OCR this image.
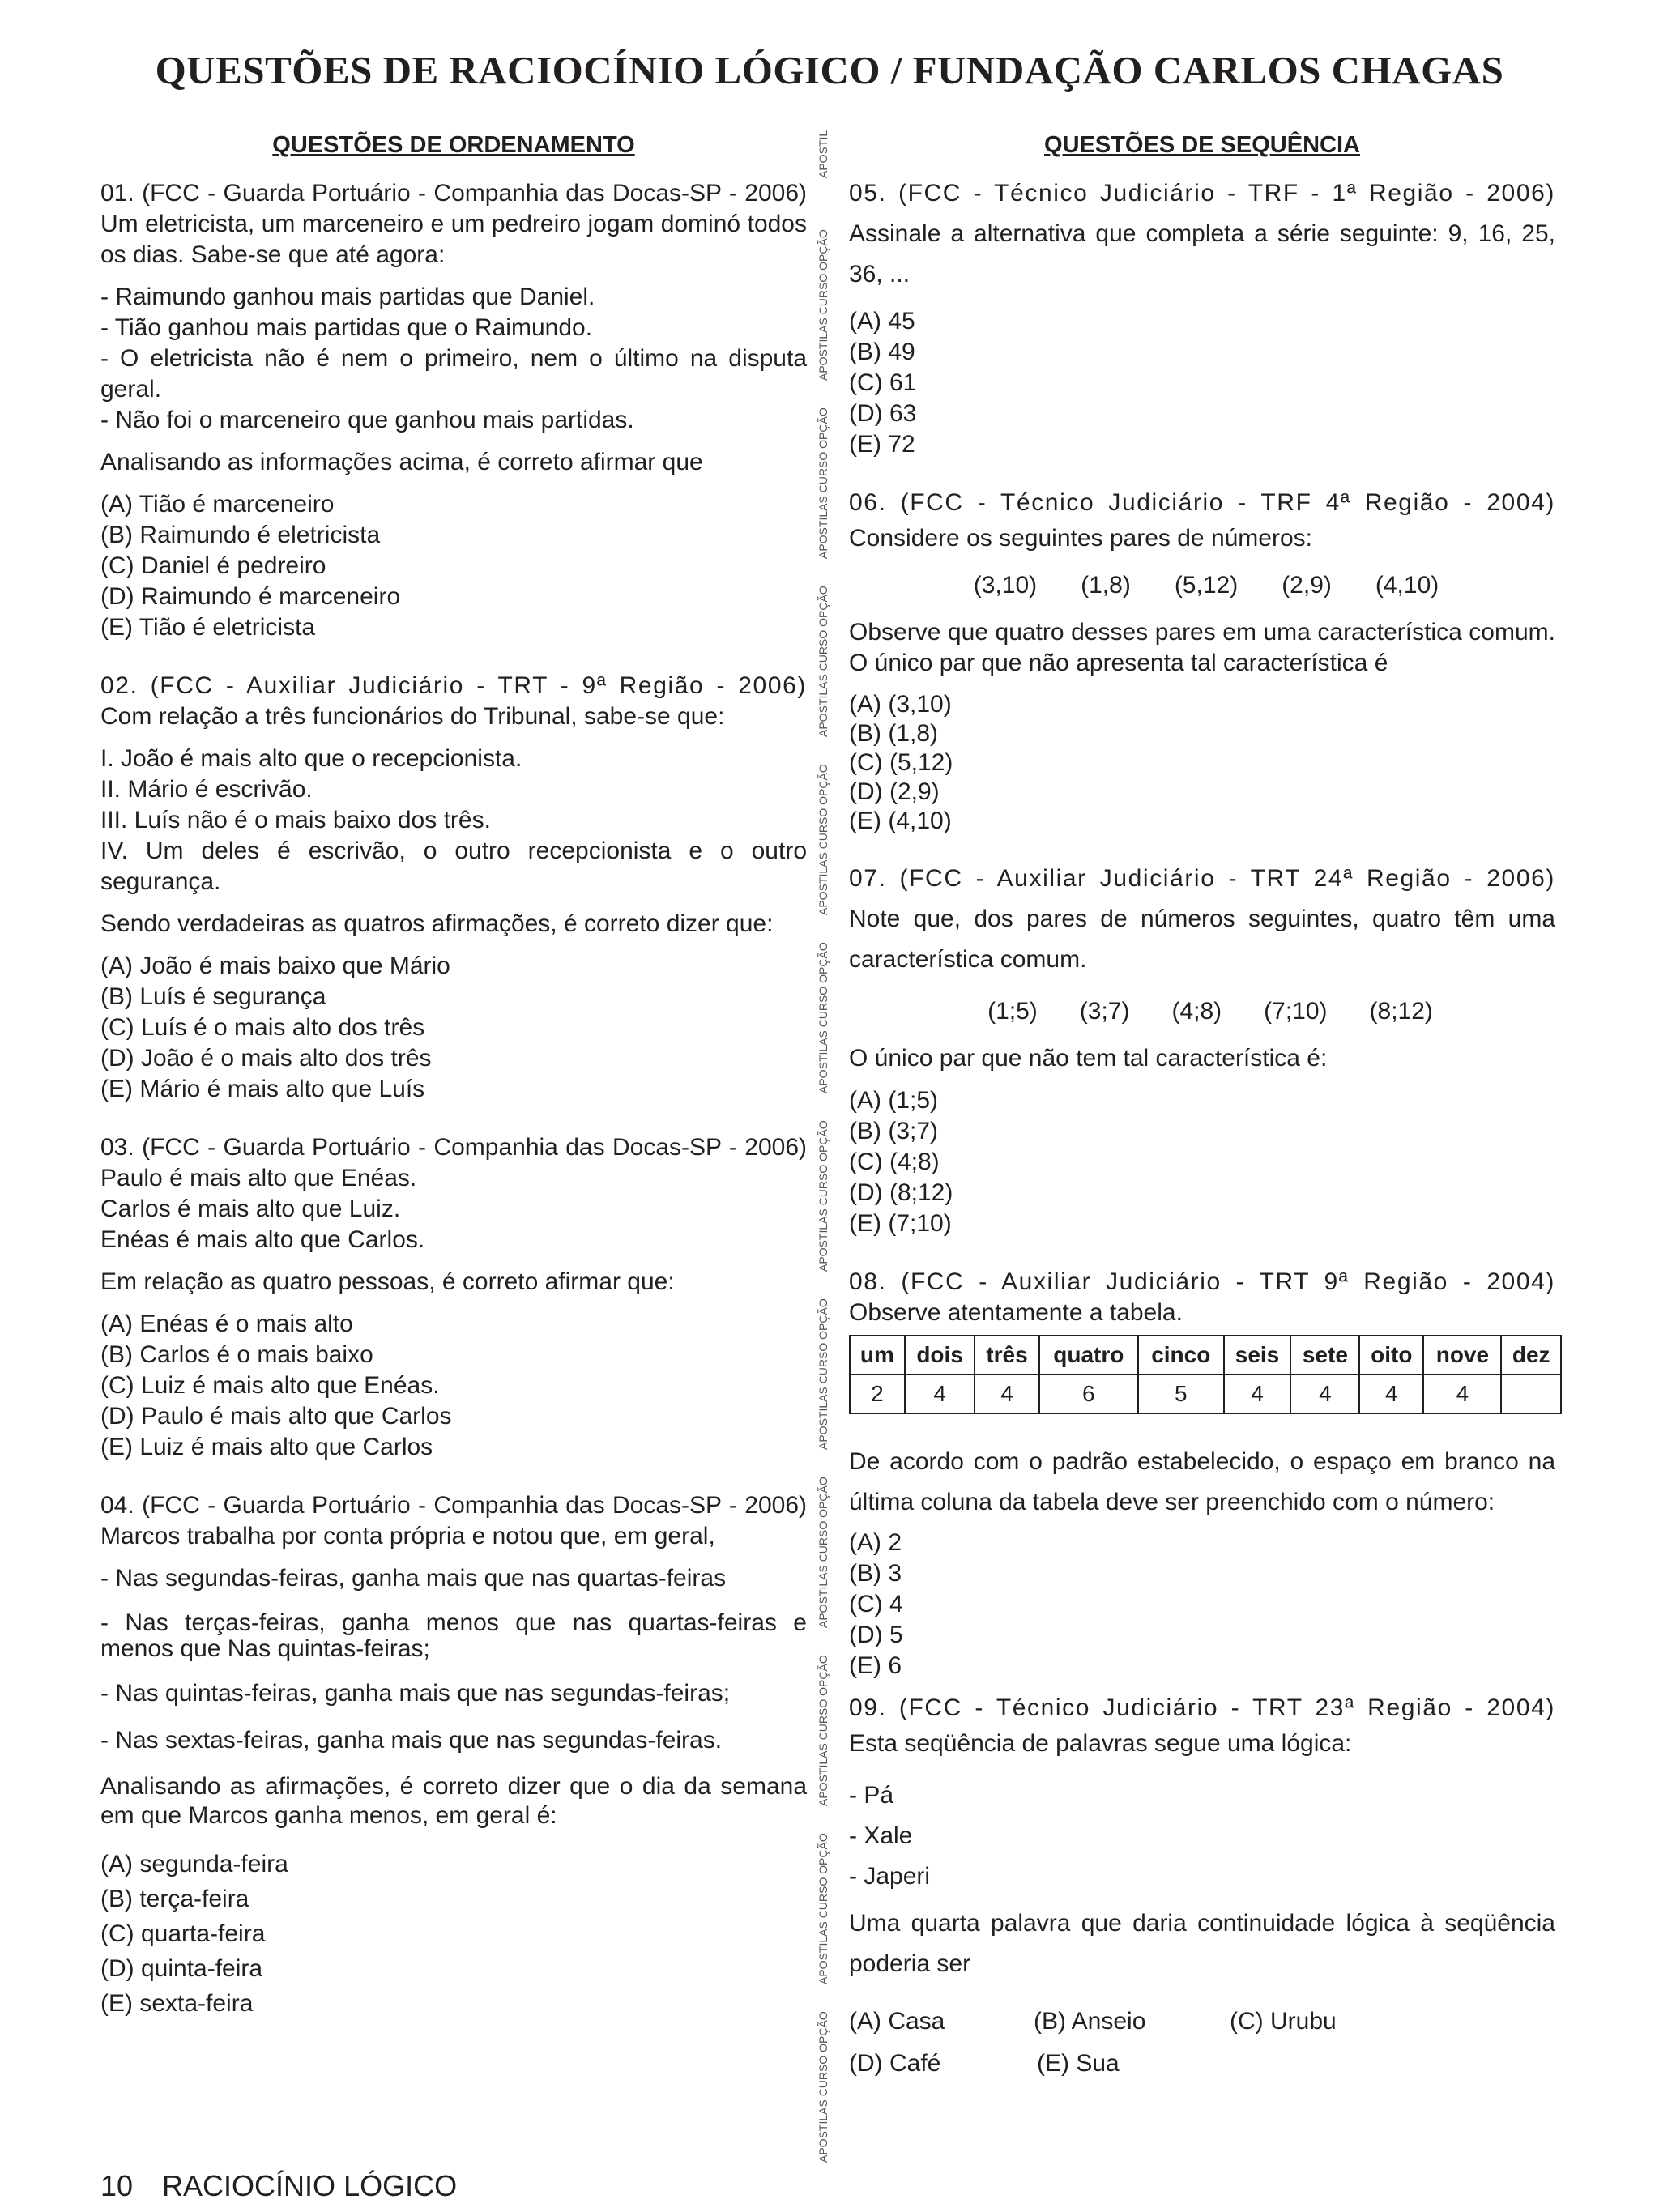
QUESTÕES DE RACIOCÍNIO LÓGICO / FUNDAÇÃO CARLOS CHAGAS
APOSTIL
APOSTILAS CURSO OPÇÃO
APOSTILAS CURSO OPÇÃO
APOSTILAS CURSO OPÇÃO
APOSTILAS CURSO OPÇÃO
APOSTILAS CURSO OPÇÃO
APOSTILAS CURSO OPÇÃO
APOSTILAS CURSO OPÇÃO
APOSTILAS CURSO OPÇÃO
APOSTILAS CURSO OPÇÃO
APOSTILAS CURSO OPÇÃO
APOSTILAS CURSO OPÇÃO
QUESTÕES DE ORDENAMENTO
01. (FCC - Guarda Portuário - Companhia das Docas-SP - 2006)

Um eletricista, um marceneiro e um pedreiro jogam dominó todos os dias. Sabe-se que até agora:

- Raimundo ganhou mais partidas que Daniel.

- Tião ganhou mais partidas que o Raimundo.

- O eletricista não é nem o primeiro, nem o último na disputa geral.

- Não foi o marceneiro que ganhou mais partidas.

Analisando as informações acima, é correto afirmar que

(A) Tião é marceneiro
(B) Raimundo é eletricista
(C) Daniel é pedreiro
(D) Raimundo é marceneiro
(E) Tião é eletricista
02. (FCC - Auxiliar Judiciário - TRT - 9ª Região - 2006)

Com relação a três funcionários do Tribunal, sabe-se que:

I. João é mais alto que o recepcionista.

II. Mário é escrivão.

III. Luís não é o mais baixo dos três.

IV. Um deles é escrivão, o outro recepcionista e o outro segurança.

Sendo verdadeiras as quatros afirmações, é correto dizer que:

(A) João é mais baixo que Mário
(B) Luís é segurança
(C) Luís é o mais alto dos três
(D) João é o mais alto dos três
(E) Mário é mais alto que Luís
03. (FCC - Guarda Portuário - Companhia das Docas-SP - 2006)

Paulo é mais alto que Enéas.

Carlos é mais alto que Luiz.

Enéas é mais alto que Carlos.

Em relação as quatro pessoas, é correto afirmar que:

(A) Enéas é o mais alto
(B) Carlos é o mais baixo
(C) Luiz é mais alto que Enéas.
(D) Paulo é mais alto que Carlos
(E) Luiz é mais alto que Carlos
04. (FCC - Guarda Portuário - Companhia das Docas-SP - 2006)

Marcos trabalha por conta própria e notou que, em geral,

- Nas segundas-feiras, ganha mais que nas quartas-feiras

- Nas terças-feiras, ganha menos que nas quartas-feiras e menos que Nas quintas-feiras;

- Nas quintas-feiras, ganha mais que nas segundas-feiras;

- Nas sextas-feiras, ganha mais que nas segundas-feiras.

Analisando as afirmações, é correto dizer que o dia da semana em que Marcos ganha menos, em geral é:

(A) segunda-feira
(B) terça-feira
(C) quarta-feira
(D) quinta-feira
(E) sexta-feira
QUESTÕES DE SEQUÊNCIA
05. (FCC - Técnico Judiciário - TRF - 1ª Região - 2006)

Assinale a alternativa que completa a série seguinte: 9, 16, 25, 36, ...

(A) 45
(B) 49
(C) 61
(D) 63
(E) 72
06. (FCC - Técnico Judiciário - TRF 4ª Região - 2004)

Considere os seguintes pares de números:

(3,10) (1,8) (5,12) (2,9) (4,10)

Observe que quatro desses pares em uma característica comum. O único par que não apresenta tal característica é

(A) (3,10)
(B) (1,8)
(C) (5,12)
(D) (2,9)
(E) (4,10)
07. (FCC - Auxiliar Judiciário - TRT 24ª Região - 2006)

Note que, dos pares de números seguintes, quatro têm uma característica comum.

(1;5) (3;7) (4;8) (7;10) (8;12)

O único par que não tem tal característica é:

(A) (1;5)
(B) (3;7)
(C) (4;8)
(D) (8;12)
(E) (7;10)
08. (FCC - Auxiliar Judiciário - TRT 9ª Região - 2004)

Observe atentamente a tabela.

um	dois	três	quatro	cinco	seis	sete	oito	nove	dez
2	4	4	6	5	4	4	4	4	

De acordo com o padrão estabelecido, o espaço em branco na última coluna da tabela deve ser preenchido com o número:

(A) 2
(B) 3
(C) 4
(D) 5
(E) 6
09. (FCC - Técnico Judiciário - TRT 23ª Região - 2004)

Esta seqüência de palavras segue uma lógica:

- Pá

- Xale

- Japeri

Uma quarta palavra que daria continuidade lógica à seqüência poderia ser

(A) Casa	(B) Anseio	(C) Urubu
(D) Café	(E) Sua
10 RACIOCÍNIO LÓGICO
